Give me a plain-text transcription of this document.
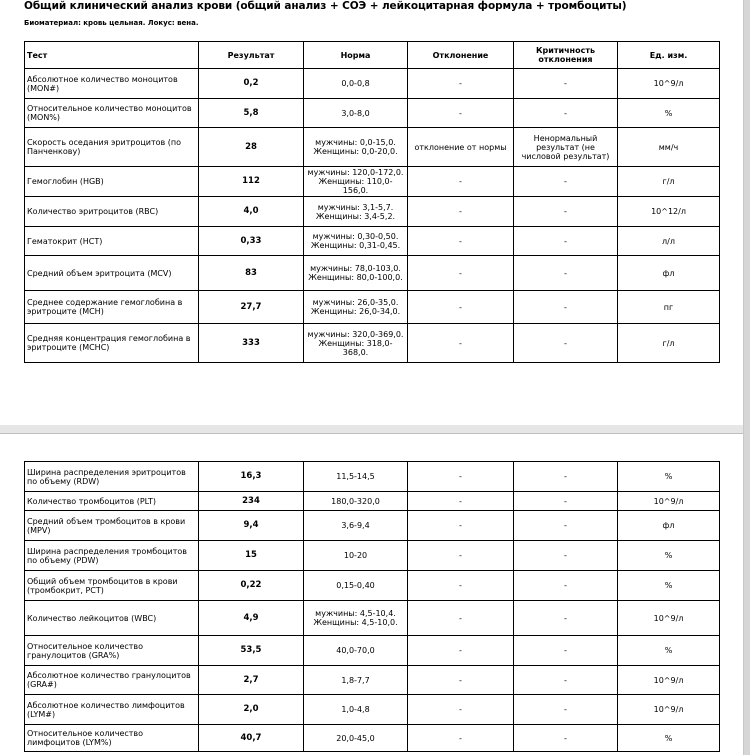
Общий клинический анализ крови (общий анализ + СОЭ + лейкоцитарная формула + тромбоциты)
Биоматериал: кровь цельная. Локус: вена.
Тест	Результат	Норма	Отклонение	Критичность отклонения	Ед. изм.
Абсолютное количество моноцитов (MON#)	0,2	0,0-0,8	-	-	10^9/л
Относительное количество моноцитов (MON%)	5,8	3,0-8,0	-	-	%
Скорость оседания эритроцитов (по Панченкову)	28	мужчины: 0,0-15,0. Женщины: 0,0-20,0.	отклонение от нормы	Ненормальный результат (не числовой результат)	мм/ч
Гемоглобин (HGB)	112	мужчины: 120,0-172,0. Женщины: 110,0-156,0.	-	-	г/л
Количество эритроцитов (RBC)	4,0	мужчины: 3,1-5,7. Женщины: 3,4-5,2.	-	-	10^12/л
Гематокрит (HCT)	0,33	мужчины: 0,30-0,50. Женщины: 0,31-0,45.	-	-	л/л
Средний объем эритроцита (MCV)	83	мужчины: 78,0-103,0. Женщины: 80,0-100,0.	-	-	фл
Среднее содержание гемоглобина в эритроците (MCH)	27,7	мужчины: 26,0-35,0. Женщины: 26,0-34,0.	-	-	пг
Средняя концентрация гемоглобина в эритроците (MCHC)	333	мужчины: 320,0-369,0. Женщины: 318,0-368,0.	-	-	г/л
Ширина распределения эритроцитов по объему (RDW)	16,3	11,5-14,5	-	-	%
Количество тромбоцитов (PLT)	234	180,0-320,0	-	-	10^9/л
Средний объем тромбоцитов в крови (MPV)	9,4	3,6-9,4	-	-	фл
Ширина распределения тромбоцитов по объему (PDW)	15	10-20	-	-	%
Общий объем тромбоцитов в крови (тромбокрит, PCT)	0,22	0,15-0,40	-	-	%
Количество лейкоцитов (WBC)	4,9	мужчины: 4,5-10,4. Женщины: 4,5-10,0.	-	-	10^9/л
Относительное количество гранулоцитов (GRA%)	53,5	40,0-70,0	-	-	%
Абсолютное количество гранулоцитов (GRA#)	2,7	1,8-7,7	-	-	10^9/л
Абсолютное количество лимфоцитов (LYM#)	2,0	1,0-4,8	-	-	10^9/л
Относительное количество лимфоцитов (LYM%)	40,7	20,0-45,0	-	-	%
